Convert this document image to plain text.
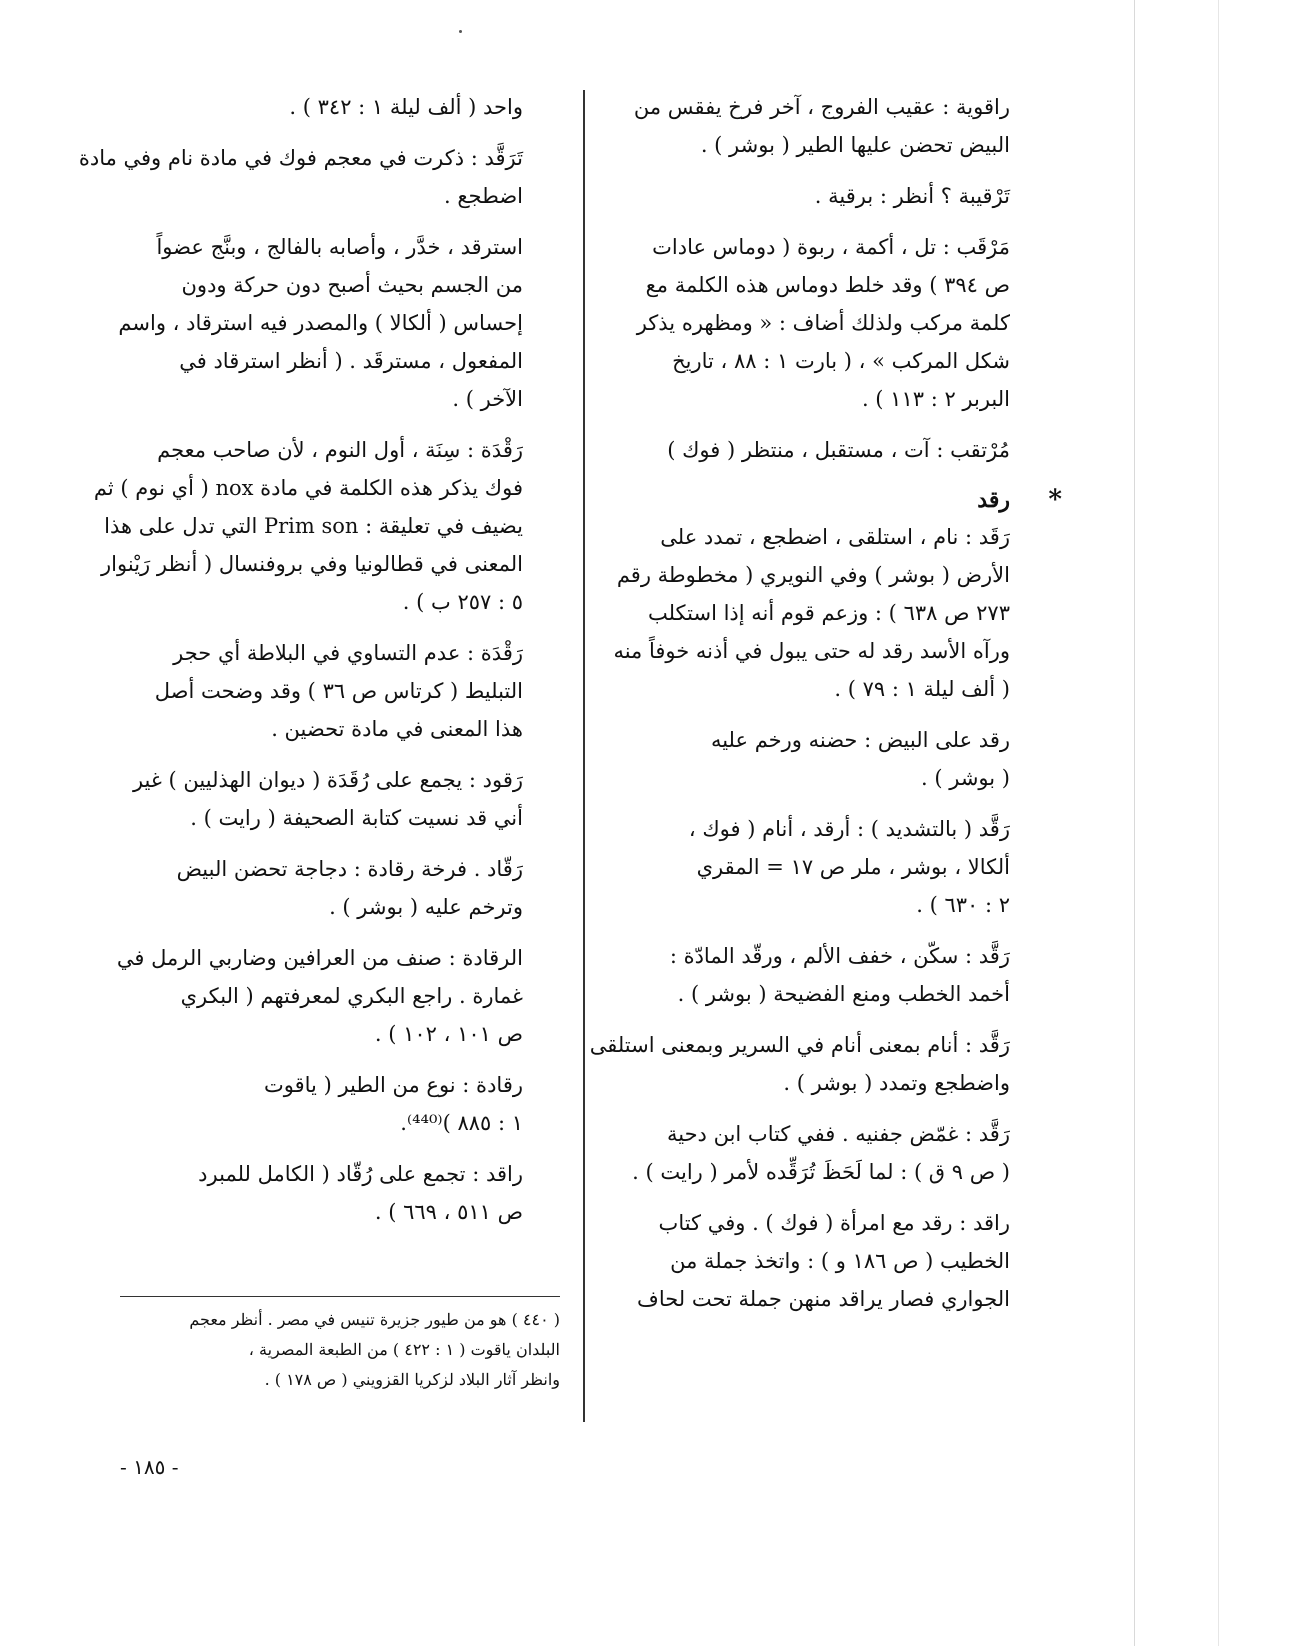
راقوية : عقيب الفروج ، آخر فرخ يفقس من
البيض تحضن عليها الطير ( بوشر ) .
تَرْقيبة ؟ أنظر : برقية .
مَرْقَب : تل ، أكمة ، ربوة ( دوماس عادات
ص ٣٩٤ ) وقد خلط دوماس هذه الكلمة مع
كلمة مركب ولذلك أضاف : « ومظهره يذكر
شكل المركب » ، ( بارت ١ : ٨٨ ، تاريخ
البربر ٢ : ١١٣ ) .
مُرْتقب : آت ، مستقبل ، منتظر ( فوك )
*
رقد
رَقَد : نام ، استلقى ، اضطجع ، تمدد على
الأرض ( بوشر ) وفي النويري ( مخطوطة رقم
٢٧٣ ص ٦٣٨ ) : وزعم قوم أنه إذا استكلب
ورآه الأسد رقد له حتى يبول في أذنه خوفاً منه
( ألف ليلة ١ : ٧٩ ) .
رقد على البيض : حضنه ورخم عليه
( بوشر ) .
رَقَّد ( بالتشديد ) : أرقد ، أنام ( فوك ،
ألكالا ، بوشر ، ملر ص ١٧ = المقري
٢ : ٦٣٠ ) .
رَقَّد : سكّن ، خفف الألم ، ورقّد المادّة :
أخمد الخطب ومنع الفضيحة ( بوشر ) .
رَقَّد : أنام بمعنى أنام في السرير وبمعنى استلقى
واضطجع وتمدد ( بوشر ) .
رَقَّد : غمّض جفنيه . ففي كتاب ابن دحية
( ص ٩ ق ) : لما لَحَظَ تُرَقِّده لأمر ( رايت ) .
راقد : رقد مع امرأة ( فوك ) . وفي كتاب
الخطيب ( ص ١٨٦ و ) : واتخذ جملة من
الجواري فصار يراقد منهن جملة تحت لحاف
واحد ( ألف ليلة ١ : ٣٤٢ ) .
تَرَقَّد : ذكرت في معجم فوك في مادة نام وفي مادة
اضطجع .
استرقد ، خدَّر ، وأصابه بالفالج ، وبنَّج عضواً
من الجسم بحيث أصبح دون حركة ودون
إحساس ( ألكالا ) والمصدر فيه استرقاد ، واسم
المفعول ، مسترقَد . ( أنظر استرقاد في
الآخر ) .
رَقْدَة : سِنَة ، أول النوم ، لأن صاحب معجم
فوك يذكر هذه الكلمة في مادة nox ( أي نوم ) ثم
يضيف في تعليقة : Prim son التي تدل على هذا
المعنى في قطالونيا وفي بروفنسال ( أنظر رَيْنوار
٥ : ٢٥٧ ب ) .
رَقْدَة : عدم التساوي في البلاطة أي حجر
التبليط ( كرتاس ص ٣٦ ) وقد وضحت أصل
هذا المعنى في مادة تحضين .
رَقود : يجمع على رُقَدَة ( ديوان الهذليين ) غير
أني قد نسيت كتابة الصحيفة ( رايت ) .
رَقّاد . فرخة رقادة : دجاجة تحضن البيض
وترخم عليه ( بوشر ) .
الرقادة : صنف من العرافين وضاربي الرمل في
غمارة . راجع البكري لمعرفتهم ( البكري
ص ١٠١ ، ١٠٢ ) .
رقادة : نوع من الطير ( ياقوت
١ : ٨٨٥ )⁽⁴⁴⁰⁾.
راقد : تجمع على رُقّاد ( الكامل للمبرد
ص ٥١١ ، ٦٦٩ ) .
( ٤٤٠ ) هو من طيور جزيرة تنيس في مصر . أنظر معجم
البلدان ياقوت ( ١ : ٤٢٢ ) من الطبعة المصرية ،
وانظر آثار البلاد لزكريا القزويني ( ص ١٧٨ ) .
- ١٨٥ -
